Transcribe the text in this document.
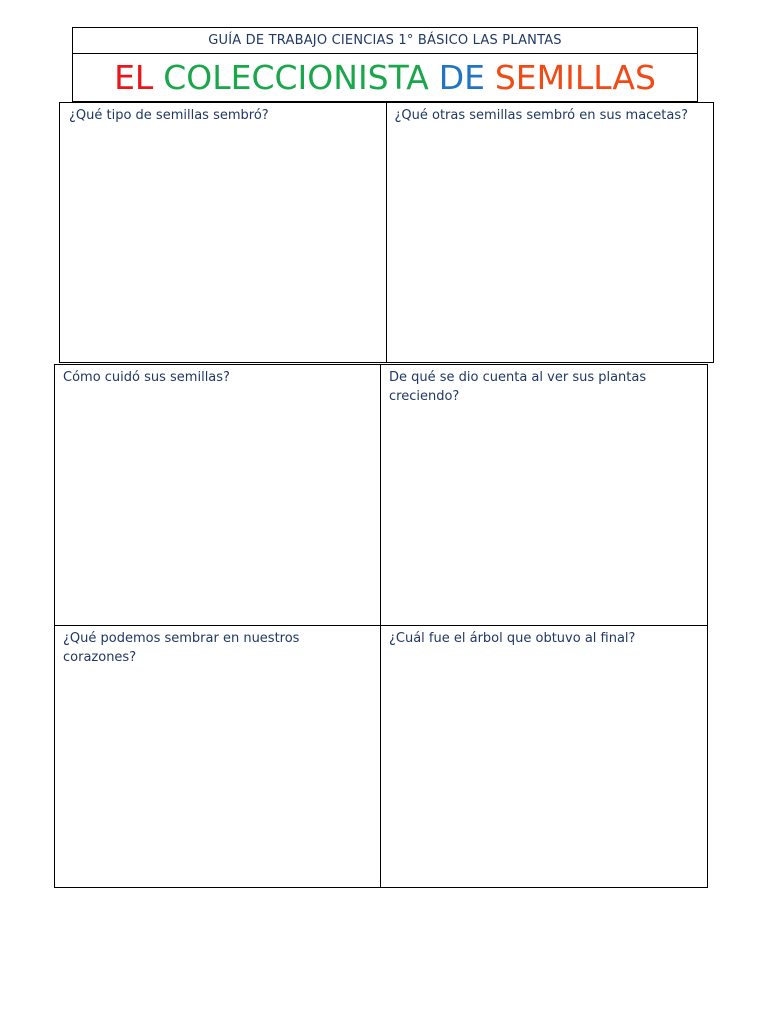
GUÍA DE TRABAJO CIENCIAS 1° BÁSICO LAS PLANTAS
EL COLECCIONISTA DE SEMILLAS
¿Qué tipo de semillas sembró?	¿Qué otras semillas sembró en sus macetas?
Cómo cuidó sus semillas?	De qué se dio cuenta al ver sus plantas creciendo?
¿Qué podemos sembrar en nuestros corazones?
¿Cuál fue el árbol que obtuvo al final?
